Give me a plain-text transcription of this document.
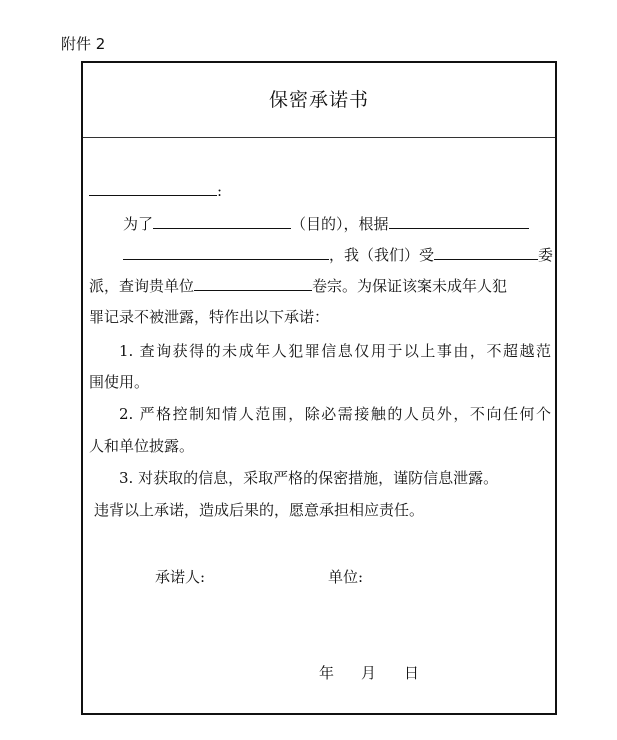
附件 2
保密承诺书
:
为了	（目的），根据
，我（我们）受	委
派，查询贵单位	卷宗。为保证该案未成年人犯
罪记录不被泄露，特作出以下承诺：
1. 查询获得的未成年人犯罪信息仅用于以上事由，不超越范
围使用。
2. 严格控制知情人范围，除必需接触的人员外，不向任何个
人和单位披露。
3. 对获取的信息，采取严格的保密措施，谨防信息泄露。
违背以上承诺，造成后果的，愿意承担相应责任。
承诺人:	单位:
年	月	日
